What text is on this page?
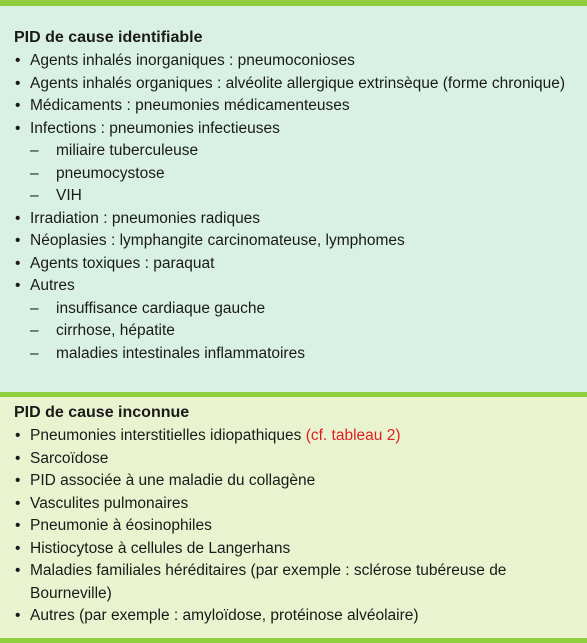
PID de cause identifiable
• Agents inhalés inorganiques : pneumoconioses
• Agents inhalés organiques : alvéolite allergique extrinsèque (forme chronique)
• Médicaments : pneumonies médicamenteuses
• Infections : pneumonies infectieuses
– miliaire tuberculeuse
– pneumocystose
– VIH
• Irradiation : pneumonies radiques
• Néoplasies : lymphangite carcinomateuse, lymphomes
• Agents toxiques : paraquat
• Autres
– insuffisance cardiaque gauche
– cirrhose, hépatite
– maladies intestinales inflammatoires
PID de cause inconnue
• Pneumonies interstitielles idiopathiques (cf. tableau 2)
• Sarcoïdose
• PID associée à une maladie du collagène
• Vasculites pulmonaires
• Pneumonie à éosinophiles
• Histiocytose à cellules de Langerhans
• Maladies familiales héréditaires (par exemple : sclérose tubéreuse de Bourneville)
• Autres (par exemple : amyloïdose, protéinose alvéolaire)
